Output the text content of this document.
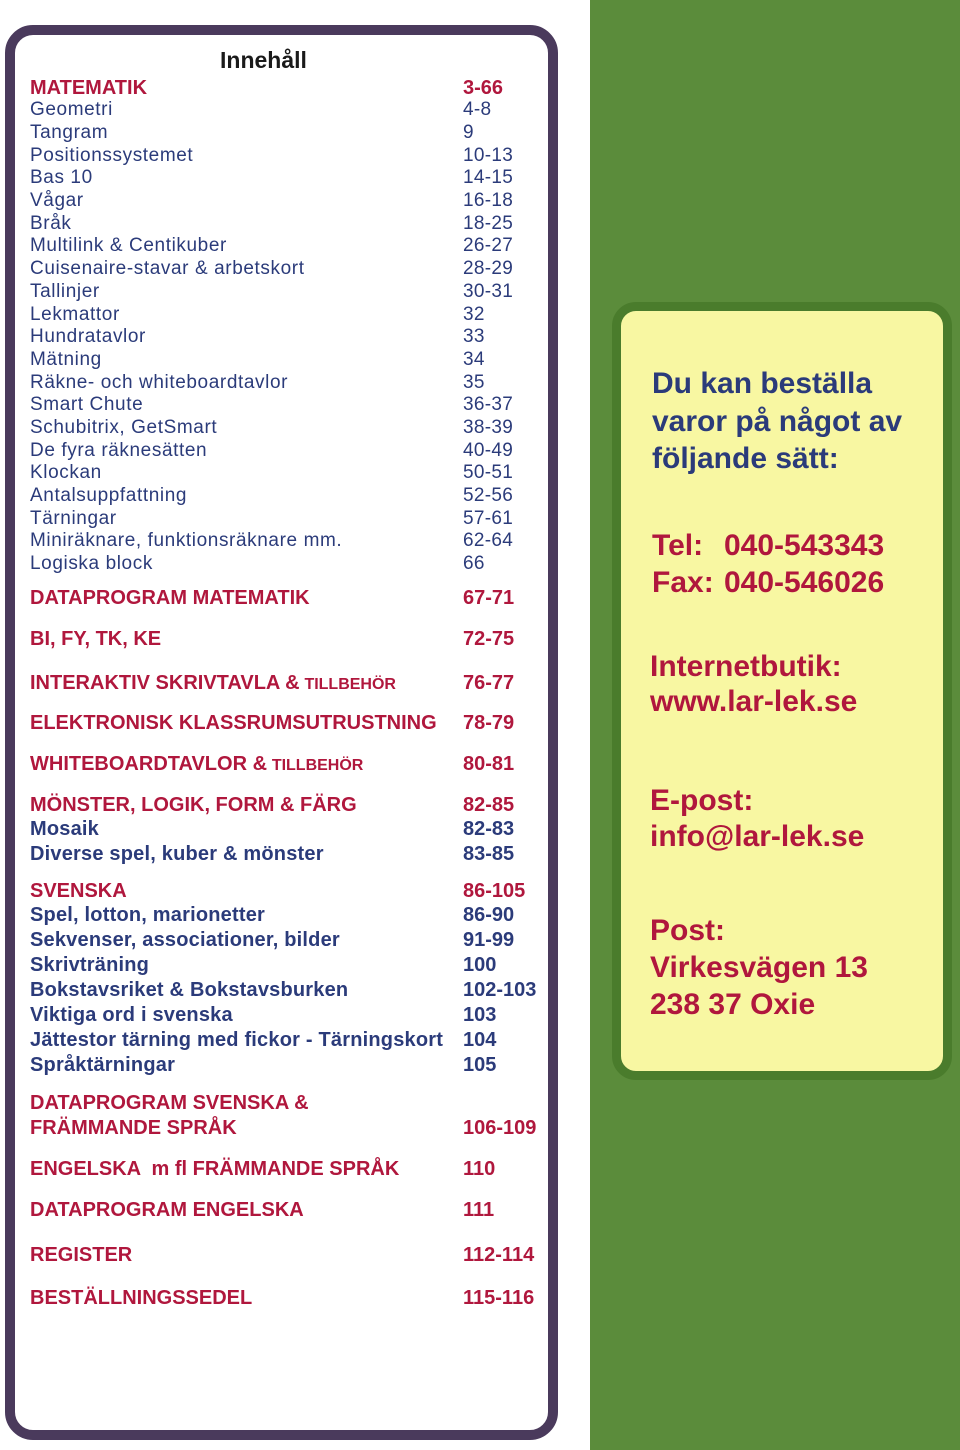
Innehåll
MATEMATIK	3-66
Geometri	4-8
Tangram	9
Positionssystemet	10-13
Bas 10	14-15
Vågar	16-18
Bråk	18-25
Multilink & Centikuber	26-27
Cuisenaire-stavar & arbetskort	28-29
Tallinjer	30-31
Lekmattor	32
Hundratavlor	33
Mätning	34
Räkne- och whiteboardtavlor	35
Smart Chute	36-37
Schubitrix, GetSmart	38-39
De fyra räknesätten	40-49
Klockan	50-51
Antalsuppfattning	52-56
Tärningar	57-61
Miniräknare, funktionsräknare mm.	62-64
Logiska block	66
DATAPROGRAM MATEMATIK	67-71
BI, FY, TK, KE	72-75
INTERAKTIV SKRIVTAVLA & TILLBEHÖR	76-77
ELEKTRONISK KLASSRUMSUTRUSTNING 78-79
WHITEBOARDTAVLOR & TILLBEHÖR	80-81
MÖNSTER, LOGIK, FORM & FÄRG	82-85
Mosaik	82-83
Diverse spel, kuber & mönster	83-85
SVENSKA	86-105
Spel, lotton, marionetter	86-90
Sekvenser, associationer, bilder	91-99
Skrivträning	100
Bokstavsriket & Bokstavsburken	102-103
Viktiga ord i svenska	103
Jättestor tärning med fickor - Tärningskort 104
Språktärningar	105
DATAPROGRAM SVENSKA &
FRÄMMANDE SPRÅK	106-109
ENGELSKA  m fl FRÄMMANDE SPRÅK	110
DATAPROGRAM ENGELSKA	111
REGISTER	112-114
BESTÄLLNINGSSEDEL	115-116
Du kan beställa
varor på något av
följande sätt:
Tel: 040-543343
Fax: 040-546026
Internetbutik:
www.lar-lek.se
E-post:
info@lar-lek.se
Post:
Virkesvägen 13
238 37 Oxie
